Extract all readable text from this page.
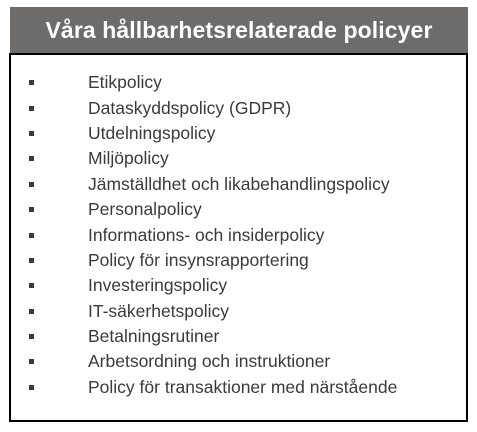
Våra hållbarhetsrelaterade policyer
Etikpolicy
Dataskyddspolicy (GDPR)
Utdelningspolicy
Miljöpolicy
Jämställdhet och likabehandlingspolicy
Personalpolicy
Informations- och insiderpolicy
Policy för insynsrapportering
Investeringspolicy
IT-säkerhetspolicy
Betalningsrutiner
Arbetsordning och instruktioner
Policy för transaktioner med närstående
